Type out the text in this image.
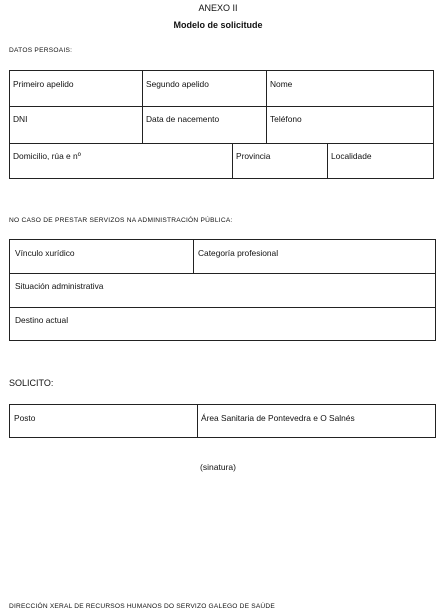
ANEXO II
Modelo de solicitude
DATOS PERSOAIS:
Primeiro apelido	Segundo apelido	Nome
DNI	Data de nacemento	Teléfono
Domicilio, rúa e nº	Provincia	Localidade
NO CASO DE PRESTAR SERVIZOS NA ADMINISTRACIÓN PÚBLICA:
Vínculo xurídico	Categoría profesional
Situación administrativa
Destino actual
SOLICITO:
Posto	Área Sanitaria de Pontevedra e O Salnés
(sinatura)
DIRECCIÓN XERAL DE RECURSOS HUMANOS DO SERVIZO GALEGO DE SAÚDE
